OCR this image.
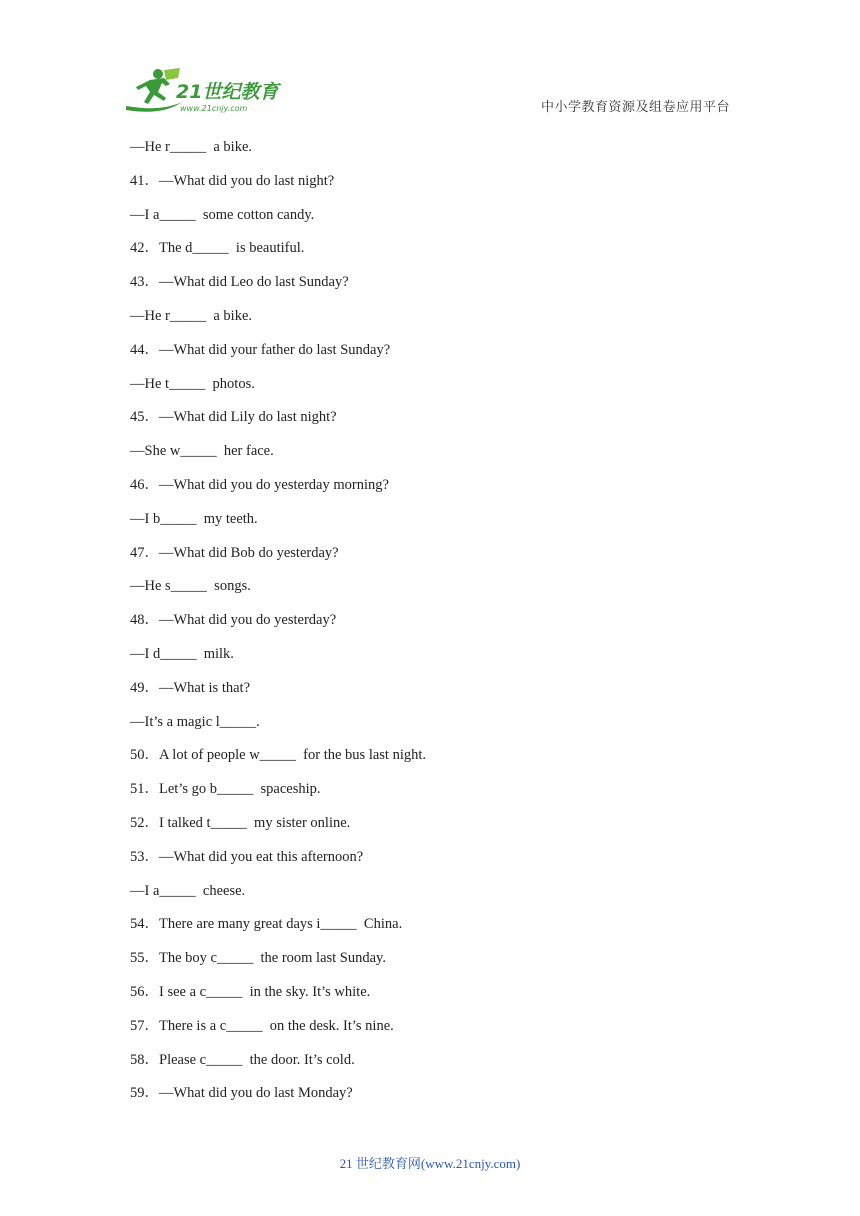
21世纪教育
www.21cnjy.com	中小学教育资源及组卷应用平台
—He r_____  a bike.
41．—What did you do last night?
—I a_____  some cotton candy.
42．The d_____  is beautiful.
43．—What did Leo do last Sunday?
—He r_____  a bike.
44．—What did your father do last Sunday?
—He t_____  photos.
45．—What did Lily do last night?
—She w_____  her face.
46．—What did you do yesterday morning?
—I b_____  my teeth.
47．—What did Bob do yesterday?
—He s_____  songs.
48．—What did you do yesterday?
—I d_____  milk.
49．—What is that?
—It’s a magic l_____.
50．A lot of people w_____  for the bus last night.
51．Let’s go b_____  spaceship.
52．I talked t_____  my sister online.
53．—What did you eat this afternoon?
—I a_____  cheese.
54．There are many great days i_____  China.
55．The boy c_____  the room last Sunday.
56．I see a c_____  in the sky. It’s white.
57．There is a c_____  on the desk. It’s nine.
58．Please c_____  the door. It’s cold.
59．—What did you do last Monday?
21 世纪教育网(www.21cnjy.com)
